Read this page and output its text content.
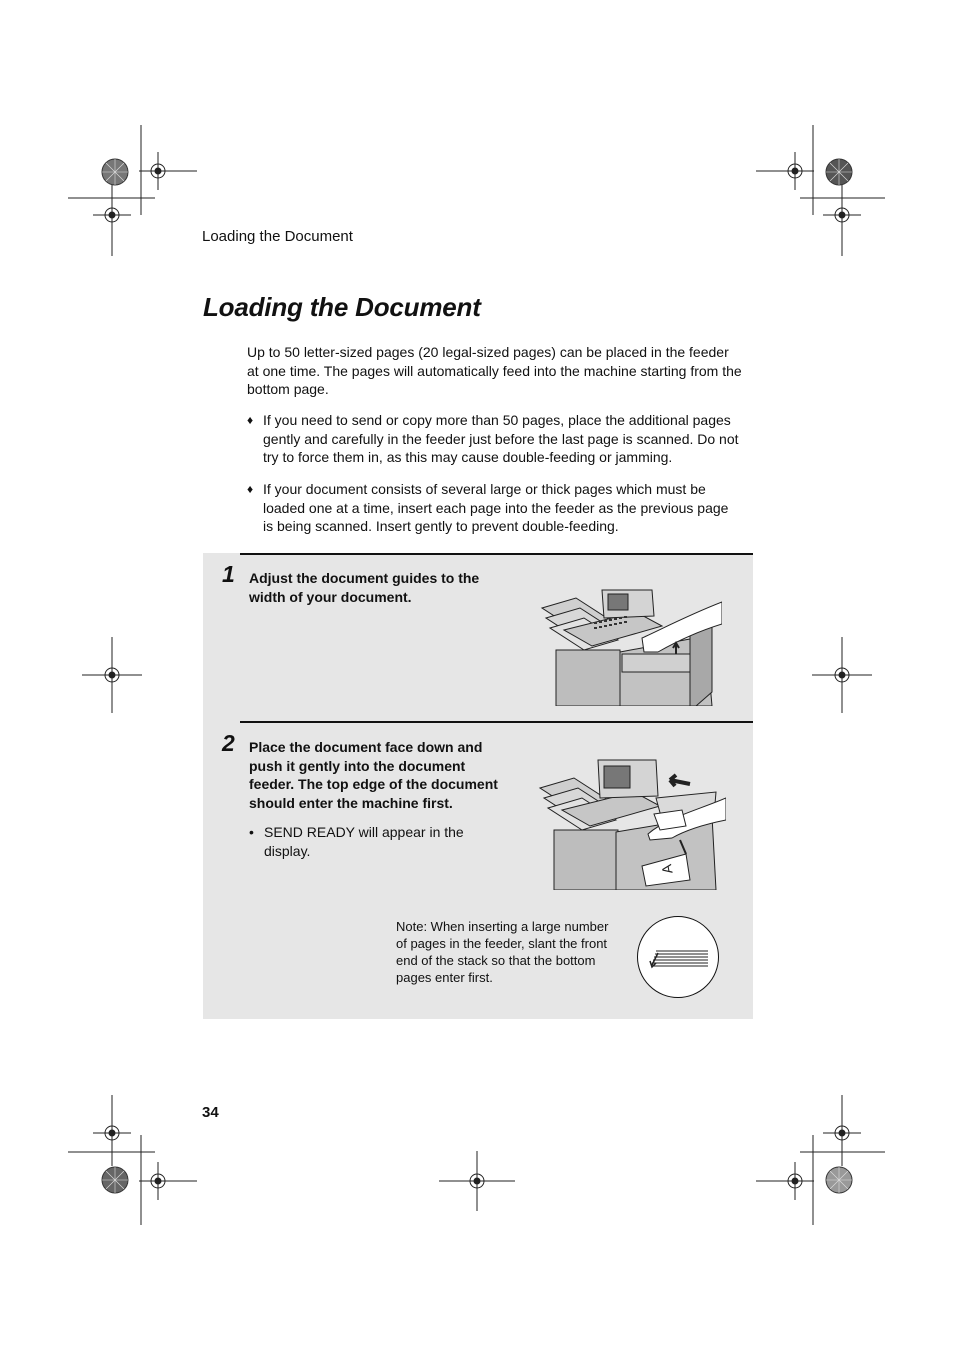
Loading the Document
Loading the Document
Up to 50 letter-sized pages (20 legal-sized pages) can be placed in the feeder at one time. The pages will automatically feed into the machine starting from the bottom page.
♦ If you need to send or copy more than 50 pages, place the additional pages gently and carefully in the feeder just before the last page is scanned. Do not try to force them in, as this may cause double-feeding or jamming.
♦ If your document consists of several large or thick pages which must be loaded one at a time, insert each page into the feeder as the previous page is being scanned. Insert gently to prevent double-feeding.
1 Adjust the document guides to the width of your document.
2 Place the document face down and push it gently into the document feeder. The top edge of the document should enter the machine first.
• SEND READY will appear in the display.
A
Note: When inserting a large number of pages in the feeder, slant the front end of the stack so that the bottom pages enter first.
34
